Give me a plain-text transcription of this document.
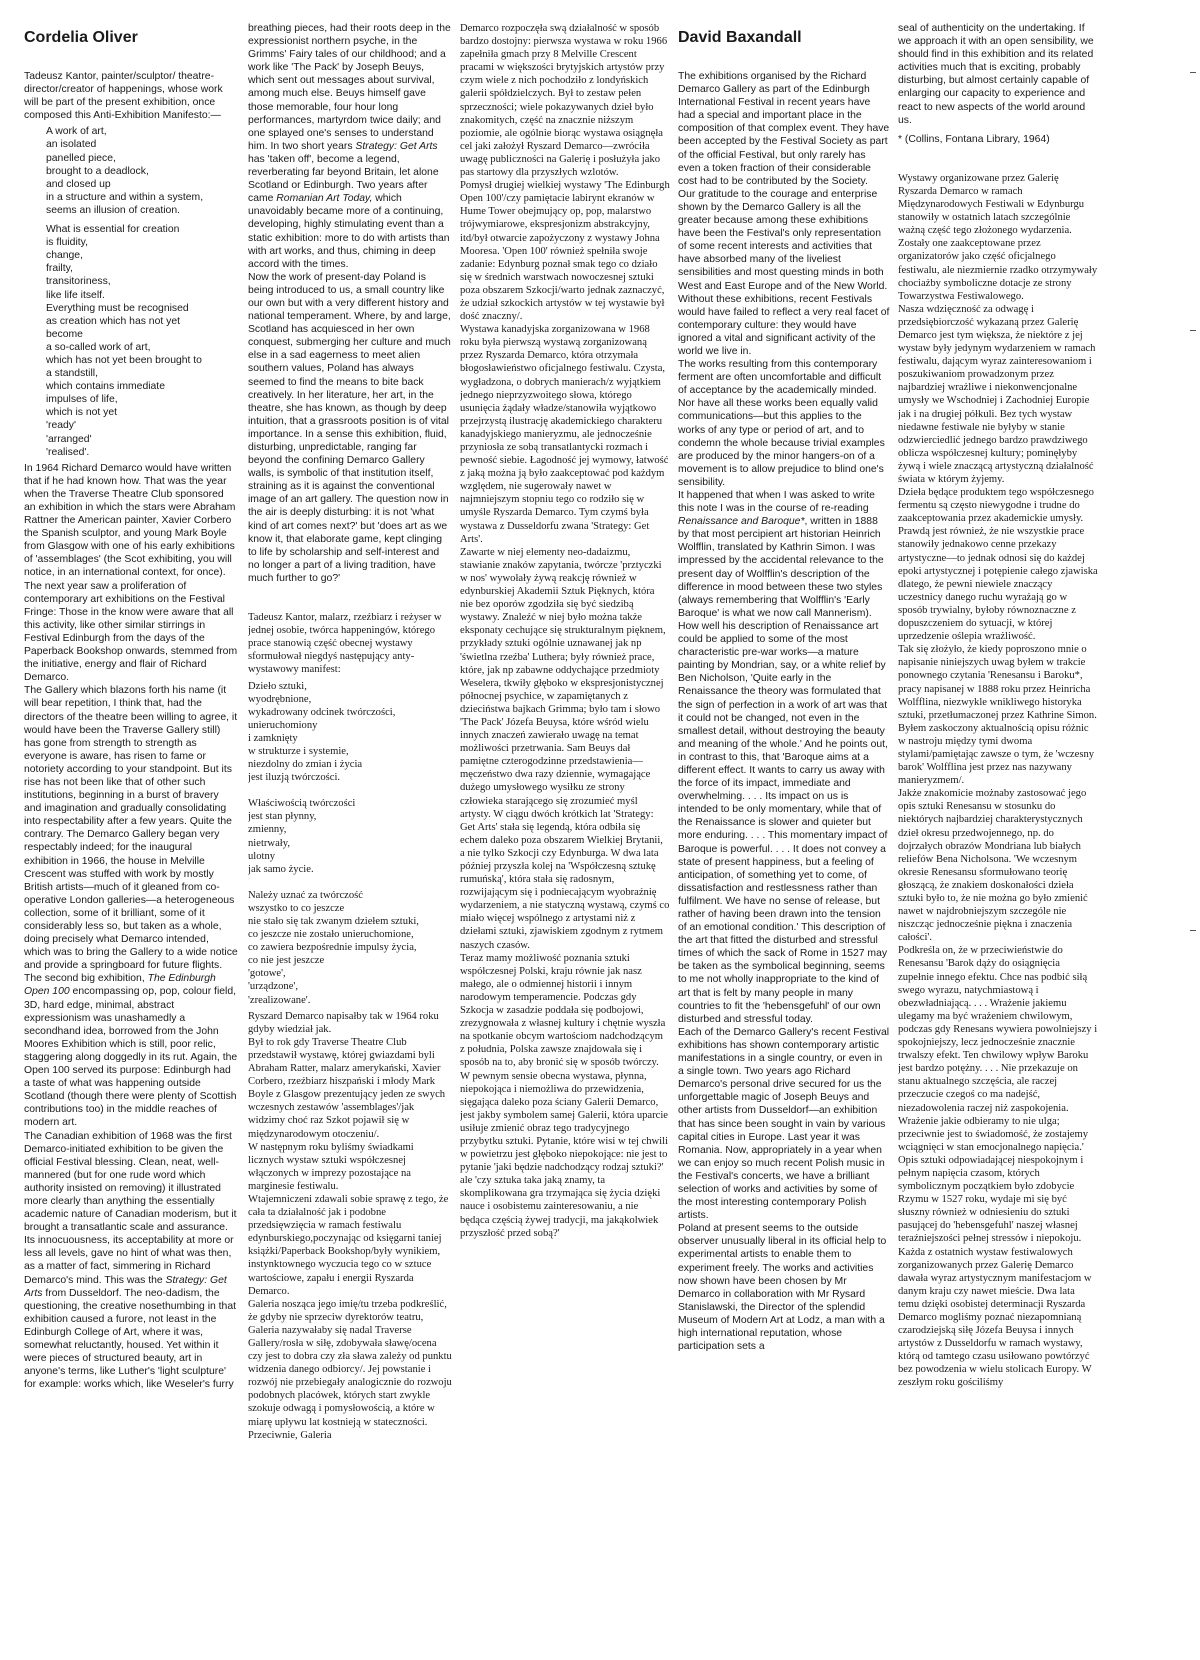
Cordelia Oliver

Tadeusz Kantor, painter/sculptor/ theatre-director/creator of happenings, whose work will be part of the present exhibition, once composed this Anti-Exhibition Manifesto:—

A work of art,
an isolated
panelled piece,
brought to a deadlock,
and closed up
in a structure and within a system,
seems an illusion of creation.
What is essential for creation
is fluidity,
change,
frailty,
transitoriness,
like life itself.
Everything must be recognised
as creation which has not yet
become
a so-called work of art,
which has not yet been brought to
a standstill,
which contains immediate
impulses of life,
which is not yet
'ready'
'arranged'
'realised'.

In 1964 Richard Demarco would have written that if he had known how. That was the year when the Traverse Theatre Club sponsored an exhibition in which the stars were Abraham Rattner the American painter, Xavier Corbero the Spanish sculptor, and young Mark Boyle from Glasgow with one of his early exhibitions of 'assemblages' (the Scot exhibiting, you will notice, in an international context, for once).

The next year saw a proliferation of contemporary art exhibitions on the Festival Fringe: Those in the know were aware that all this activity, like other similar stirrings in Festival Edinburgh from the days of the Paperback Bookshop onwards, stemmed from the initiative, energy and flair of Richard Demarco.

The Gallery which blazons forth his name (it will bear repetition, I think that, had the directors of the theatre been willing to agree, it would have been the Traverse Gallery still) has gone from strength to strength as everyone is aware, has risen to fame or notoriety according to your standpoint. But its rise has not been like that of other such institutions, beginning in a burst of bravery and imagination and gradually consolidating into respectability after a few years. Quite the contrary. The Demarco Gallery began very respectably indeed; for the inaugural exhibition in 1966, the house in Melville Crescent was stuffed with work by mostly British artists—much of it gleaned from co-operative London galleries—a heterogeneous collection, some of it brilliant, some of it considerably less so, but taken as a whole, doing precisely what Demarco intended, which was to bring the Gallery to a wide notice and provide a springboard for future flights.

The second big exhibition, The Edinburgh Open 100 encompassing op, pop, colour field, 3D, hard edge, minimal, abstract expressionism was unashamedly a secondhand idea, borrowed from the John Moores Exhibition which is still, poor relic, staggering along doggedly in its rut. Again, the Open 100 served its purpose: Edinburgh had a taste of what was happening outside Scotland (though there were plenty of Scottish contributions too) in the middle reaches of modern art.

The Canadian exhibition of 1968 was the first Demarco-initiated exhibition to be given the official Festival blessing. Clean, neat, well-mannered (but for one rude word which authority insisted on removing) it illustrated more clearly than anything the essentially academic nature of Canadian moderism, but it brought a transatlantic scale and assurance. Its innocuousness, its acceptability at more or less all levels, gave no hint of what was then, as a matter of fact, simmering in Richard Demarco's mind. This was the Strategy: Get Arts from Dusseldorf. The neo-dadism, the questioning, the creative nosethumbing in that exhibition caused a furore, not least in the Edinburgh College of Art, where it was, somewhat reluctantly, housed. Yet within it were pieces of structured beauty, art in anyone's terms, like Luther's 'light sculpture' for example: works which, like Weseler's furry

breathing pieces, had their roots deep in the expressionist northern psyche, in the Grimms' Fairy tales of our childhood; and a work like 'The Pack' by Joseph Beuys, which sent out messages about survival, among much else. Beuys himself gave those memorable, four hour long performances, martyrdom twice daily; and one splayed one's senses to understand him. In two short years Strategy: Get Arts has 'taken off', become a legend, reverberating far beyond Britain, let alone Scotland or Edinburgh. Two years after came Romanian Art Today, which unavoidably became more of a continuing, developing, highly stimulating event than a static exhibition: more to do with artists than with art works, and thus, chiming in deep accord with the times.

Now the work of present-day Poland is being introduced to us, a small country like our own but with a very different history and national temperament. Where, by and large, Scotland has acquiesced in her own conquest, submerging her culture and much else in a sad eagerness to meet alien southern values, Poland has always seemed to find the means to bite back creatively. In her literature, her art, in the theatre, she has known, as though by deep intuition, that a grassroots position is of vital importance. In a sense this exhibition, fluid, disturbing, unpredictable, ranging far beyond the confining Demarco Gallery walls, is symbolic of that institution itself, straining as it is against the conventional image of an art gallery. The question now in the air is deeply disturbing: it is not 'what kind of art comes next?' but 'does art as we know it, that elaborate game, kept clinging to life by scholarship and self-interest and no longer a part of a living tradition, have much further to go?'

Tadeusz Kantor, malarz, rzeźbiarz i reżyser w jednej osobie, twórca happeningów, którego prace stanowią część obecnej wystawy sformułował niegdyś następujący anty-wystawowy manifest:

Dzieło sztuki,
wyodrębnione,
wykadrowany odcinek twórczości,
unieruchomiony
i zamknięty
w strukturze i systemie,
niezdolny do zmian i życia
jest iluzją twórczości.
Właściwością twórczości
jest stan płynny,
zmienny,
nietrwały,
ulotny
jak samo życie.
Należy uznać za twórczość
wszystko to co jeszcze
nie stało się tak zwanym dziełem sztuki,
co jeszcze nie zostało unieruchomione,
co zawiera bezpośrednie impulsy życia,
co nie jest jeszcze
'gotowe',
'urządzone',
'zrealizowane'.

Ryszard Demarco napisałby tak w 1964 roku gdyby wiedział jak.

Był to rok gdy Traverse Theatre Club przedstawił wystawę, której gwiazdami byli Abraham Ratter, malarz amerykański, Xavier Corbero, rzeźbiarz hiszpański i młody Mark Boyle z Glasgow prezentujący jeden ze swych wczesnych zestawów 'assemblages'/jak widzimy choć raz Szkot pojawił się w międzynarodowym otoczeniu/.

W następnym roku byliśmy świadkami licznych wystaw sztuki współczesnej włączonych w imprezy pozostające na marginesie festiwalu.

Wtajemniczeni zdawali sobie sprawę z tego, że cała ta działalność jak i podobne przedsięwzięcia w ramach festiwalu edynburskiego,poczynając od księgarni taniej książki/Paperback Bookshop/były wynikiem, instynktownego wyczucia tego co w sztuce wartościowe, zapału i energii Ryszarda Demarco.

Galeria nosząca jego imię/tu trzeba podkreślić, że gdyby nie sprzeciw dyrektorów teatru, Galeria nazywałaby się nadal Traverse Gallery/rosła w siłę, zdobywała sławę/ocena czy jest to dobra czy zła sława zależy od punktu widzenia danego odbiorcy/. Jej powstanie i rozwój nie przebiegały analogicznie do rozwoju podobnych placówek, których start zwykle szokuje odwagą i pomysłowością, a które w miarę upływu lat kostnieją w stateczności. Przeciwnie, Galeria

Demarco rozpoczęła swą działalność w sposób bardzo dostojny: pierwsza wystawa w roku 1966 zapełniła gmach przy 8 Melville Crescent pracami w większości brytyjskich artystów przy czym wiele z nich pochodziło z londyńskich galerii spółdzielczych. Był to zestaw pełen sprzeczności; wiele pokazywanych dzieł było znakomitych, część na znacznie niższym poziomie, ale ogólnie biorąc wystawa osiągnęła cel jaki założył Ryszard Demarco—zwróciła uwagę publiczności na Galerię i posłużyła jako pas startowy dla przyszłych wzlotów.

Pomysł drugiej wielkiej wystawy 'The Edinburgh Open 100'/czy pamiętacie labirynt ekranów w Hume Tower obejmujący op, pop, malarstwo trójwymiarowe, ekspresjonizm abstrakcyjny, itd/był otwarcie zapożyczony z wystawy Johna Mooresa. 'Open 100' również spełniła swoje zadanie: Edynburg poznał smak tego co działo się w średnich warstwach nowoczesnej sztuki poza obszarem Szkocji/warto jednak zaznaczyć, że udział szkockich artystów w tej wystawie był dość znaczny/.

Wystawa kanadyjska zorganizowana w 1968 roku była pierwszą wystawą zorganizowaną przez Ryszarda Demarco, która otrzymała błogosławieństwo oficjalnego festiwalu. Czysta, wygładzona, o dobrych manierach/z wyjątkiem jednego nieprzyzwoitego słowa, którego usunięcia żądały władze/stanowiła wyjątkowo przejrzystą ilustrację akademickiego charakteru kanadyjskiego manieryzmu, ale jednocześnie przyniosła ze sobą transatlantycki rozmach i pewność siebie. Łagodność jej wymowy, łatwość z jaką można ją było zaakceptować pod każdym względem, nie sugerowały nawet w najmniejszym stopniu tego co rodziło się w umyśle Ryszarda Demarco. Tym czymś była wystawa z Dusseldorfu zwana 'Strategy: Get Arts'.

Zawarte w niej elementy neo-dadaizmu, stawianie znaków zapytania, twórcze 'prztyczki w nos' wywołały żywą reakcję również w edynburskiej Akademii Sztuk Pięknych, która nie bez oporów zgodziła się być siedzibą wystawy. Znaleźć w niej było można także eksponaty cechujące się strukturalnym pięknem, przykłady sztuki ogólnie uznawanej jak np 'świetlna rzeźba' Luthera; były również prace, które, jak np zabawne oddychające przedmioty Weselera, tkwiły głęboko w ekspresjonistycznej północnej psychice, w zapamiętanych z dzieciństwa bajkach Grimma; było tam i słowo 'The Pack' Józefa Beuysa, które wśród wielu innych znaczeń zawierało uwagę na temat możliwości przetrwania. Sam Beuys dał pamiętne czterogodzinne przedstawienia—męczeństwo dwa razy dziennie, wymagające dużego umysłowego wysiłku ze strony człowieka starającego się zrozumieć myśl artysty. W ciągu dwóch krótkich lat 'Strategy: Get Arts' stała się legendą, która odbiła się echem daleko poza obszarem Wielkiej Brytanii, a nie tylko Szkocji czy Edynburga. W dwa lata później przyszła kolej na 'Współczesną sztukę rumuńską', która stała się radosnym, rozwijającym się i podniecającym wyobraźnię wydarzeniem, a nie statyczną wystawą, czymś co miało więcej wspólnego z artystami niż z dziełami sztuki, zjawiskiem zgodnym z rytmem naszych czasów.

Teraz mamy możliwość poznania sztuki współczesnej Polski, kraju równie jak nasz małego, ale o odmiennej historii i innym narodowym temperamencie. Podczas gdy Szkocja w zasadzie poddała się podbojowi, zrezygnowała z własnej kultury i chętnie wyszła na spotkanie obcym wartościom nadchodzącym z południa, Polska zawsze znajdowała się i sposób na to, aby bronić się w sposób twórczy. W pewnym sensie obecna wystawa, płynna, niepokojąca i niemożliwa do przewidzenia, sięgająca daleko poza ściany Galerii Demarco, jest jakby symbolem samej Galerii, która uparcie usiłuje zmienić obraz tego tradycyjnego przybytku sztuki. Pytanie, które wisi w tej chwili w powietrzu jest głęboko niepokojące: nie jest to pytanie 'jaki będzie nadchodzący rodzaj sztuki?' ale 'czy sztuka taka jaką znamy, ta skomplikowana gra trzymająca się życia dzięki nauce i osobistemu zainteresowaniu, a nie będąca częścią żywej tradycji, ma jakąkolwiek przyszłość przed sobą?'

David Baxandall

The exhibitions organised by the Richard Demarco Gallery as part of the Edinburgh International Festival in recent years have had a special and important place in the composition of that complex event. They have been accepted by the Festival Society as part of the official Festival, but only rarely has even a token fraction of their considerable cost had to be contributed by the Society.

Our gratitude to the courage and enterprise shown by the Demarco Gallery is all the greater because among these exhibitions have been the Festival's only representation of some recent interests and activities that have absorbed many of the liveliest sensibilities and most questing minds in both West and East Europe and of the New World. Without these exhibitions, recent Festivals would have failed to reflect a very real facet of contemporary culture: they would have ignored a vital and significant activity of the world we live in.

The works resulting from this contemporary ferment are often uncomfortable and difficult of acceptance by the academically minded. Nor have all these works been equally valid communications—but this applies to the works of any type or period of art, and to condemn the whole because trivial examples are produced by the minor hangers-on of a movement is to allow prejudice to blind one's sensibility.

It happened that when I was asked to write this note I was in the course of re-reading Renaissance and Baroque*, written in 1888 by that most percipient art historian Heinrich Wolfflin, translated by Kathrin Simon. I was impressed by the accidental relevance to the present day of Wolfflin's description of the difference in mood between these two styles (always remembering that Wolfflin's 'Early Baroque' is what we now call Mannerism).

How well his description of Renaissance art could be applied to some of the most characteristic pre-war works—a mature painting by Mondrian, say, or a white relief by Ben Nicholson, 'Quite early in the Renaissance the theory was formulated that the sign of perfection in a work of art was that it could not be changed, not even in the smallest detail, without destroying the beauty and meaning of the whole.' And he points out, in contrast to this, that 'Baroque aims at a different effect. It wants to carry us away with the force of its impact, immediate and overwhelming. . . . Its impact on us is intended to be only momentary, while that of the Renaissance is slower and quieter but more enduring. . . . This momentary impact of Baroque is powerful. . . . It does not convey a state of present happiness, but a feeling of anticipation, of something yet to come, of dissatisfaction and restlessness rather than fulfilment. We have no sense of release, but rather of having been drawn into the tension of an emotional condition.' This description of the art that fitted the disturbed and stressful times of which the sack of Rome in 1527 may be taken as the symbolical beginning, seems to me not wholly inappropriate to the kind of art that is felt by many people in many countries to fit the 'hebensgefuhl' of our own disturbed and stressful today.

Each of the Demarco Gallery's recent Festival exhibitions has shown contemporary artistic manifestations in a single country, or even in a single town. Two years ago Richard Demarco's personal drive secured for us the unforgettable magic of Joseph Beuys and other artists from Dusseldorf—an exhibition that has since been sought in vain by various capital cities in Europe. Last year it was Romania. Now, appropriately in a year when we can enjoy so much recent Polish music in the Festival's concerts, we have a brilliant selection of works and activities by some of the most interesting contemporary Polish artists.

Poland at present seems to the outside observer unusually liberal in its official help to experimental artists to enable them to experiment freely. The works and activities now shown have been chosen by Mr Demarco in collaboration with Mr Rysard Stanislawski, the Director of the splendid Museum of Modern Art at Lodz, a man with a high international reputation, whose participation sets a

seal of authenticity on the undertaking. If we approach it with an open sensibility, we should find in this exhibition and its related activities much that is exciting, probably disturbing, but almost certainly capable of enlarging our capacity to experience and react to new aspects of the world around us.

* (Collins, Fontana Library, 1964)

Wystawy organizowane przez Galerię Ryszarda Demarco w ramach Międzynarodowych Festiwali w Edynburgu stanowiły w ostatnich latach szczególnie ważną część tego złożonego wydarzenia. Zostały one zaakceptowane przez organizatorów jako część oficjalnego festiwalu, ale niezmiernie rzadko otrzymywały chociażby symboliczne dotacje ze strony Towarzystwa Festiwalowego.

Nasza wdzięczność za odwagę i przedsiębiorczość wykazaną przez Galerię Demarco jest tym większa, że niektóre z jej wystaw były jedynym wydarzeniem w ramach festiwalu, dającym wyraz zainteresowaniom i poszukiwaniom prowadzonym przez najbardziej wrażliwe i niekonwencjonalne umysły we Wschodniej i Zachodniej Europie jak i na drugiej półkuli. Bez tych wystaw niedawne festiwale nie byłyby w stanie odzwierciedlić jednego bardzo prawdziwego oblicza współczesnej kultury; pominęłyby żywą i wiele znaczącą artystyczną działalność świata w którym żyjemy.

Dzieła będące produktem tego współczesnego fermentu są często niewygodne i trudne do zaakceptowania przez akademickie umysły. Prawdą jest również, że nie wszystkie prace stanowiły jednakowo cenne przekazy artystyczne—to jednak odnosi się do każdej epoki artystycznej i potępienie całego zjawiska dlatego, że pewni niewiele znaczący uczestnicy danego ruchu wyrażają go w sposób trywialny, byłoby równoznaczne z dopuszczeniem do sytuacji, w której uprzedzenie oślepia wrażliwość.

Tak się złożyło, że kiedy poproszono mnie o napisanie niniejszych uwag byłem w trakcie ponownego czytania 'Renesansu i Baroku*, pracy napisanej w 1888 roku przez Heinricha Wolfflina, niezwykle wnikliwego historyka sztuki, przetłumaczonej przez Kathrine Simon.

Byłem zaskoczony aktualnością opisu różnic w nastroju między tymi dwoma stylami/pamiętając zawsze o tym, że 'wczesny barok' Wolfflina jest przez nas nazywany manieryzmem/.

Jakże znakomicie możnaby zastosować jego opis sztuki Renesansu w stosunku do niektórych najbardziej charakterystycznych dzieł okresu przedwojennego, np. do dojrzałych obrazów Mondriana lub białych reliefów Bena Nicholsona. 'We wczesnym okresie Renesansu sformułowano teorię głoszącą, że znakiem doskonałości dzieła sztuki było to, że nie można go było zmienić nawet w najdrobniejszym szczególe nie niszcząc jednocześnie piękna i znaczenia całości'.

Podkreśla on, że w przeciwieństwie do Renesansu 'Barok dąży do osiągnięcia zupełnie innego efektu. Chce nas podbić siłą swego wyrazu, natychmiastową i obezwładniającą. . . . Wrażenie jakiemu ulegamy ma być wrażeniem chwilowym, podczas gdy Renesans wywiera powolniejszy i spokojniejszy, lecz jednocześnie znacznie trwalszy efekt. Ten chwilowy wpływ Baroku jest bardzo potężny. . . . Nie przekazuje on stanu aktualnego szczęścia, ale raczej przeczucie czegoś co ma nadejść, niezadowolenia raczej niż zaspokojenia. Wrażenie jakie odbieramy to nie ulga; przeciwnie jest to świadomość, że zostajemy wciągnięci w stan emocjonalnego napięcia.' Opis sztuki odpowiadającej niespokojnym i pełnym napięcia czasom, których symbolicznym początkiem było zdobycie Rzymu w 1527 roku, wydaje mi się być słuszny również w odniesieniu do sztuki pasującej do 'hebensgefuhl' naszej własnej teraźniejszości pełnej stressów i niepokoju.

Każda z ostatnich wystaw festiwalowych zorganizowanych przez Galerię Demarco dawała wyraz artystycznym manifestacjom w danym kraju czy nawet mieście. Dwa lata temu dzięki osobistej determinacji Ryszarda Demarco mogliśmy poznać niezapomnianą czarodziejską siłę Józefa Beuysa i innych artystów z Dusseldorfu w ramach wystawy, którą od tamtego czasu usiłowano powtórzyć bez powodzenia w wielu stolicach Europy. W zeszłym roku gościliśmy
